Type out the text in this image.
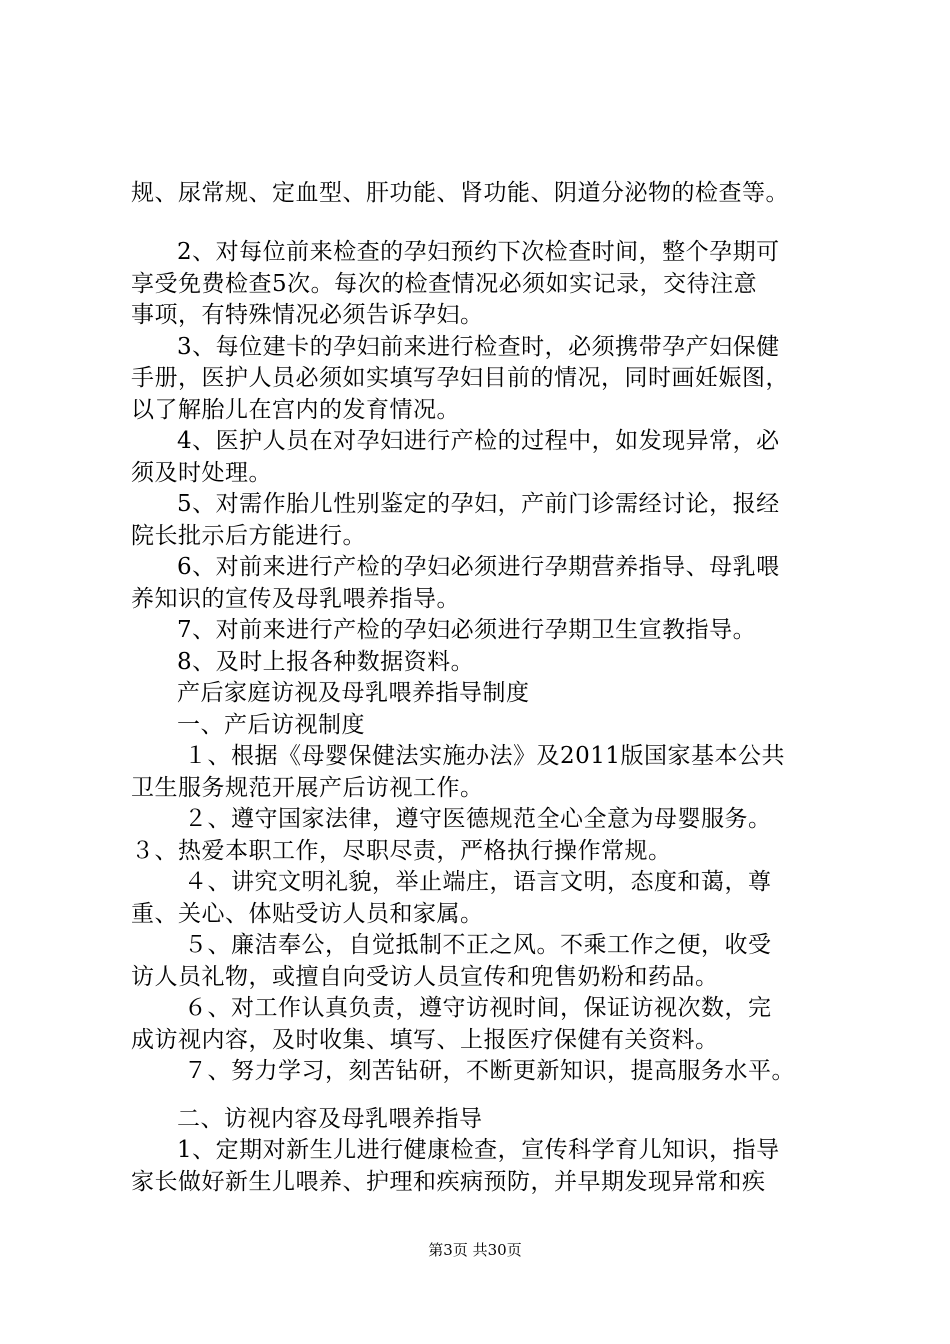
规、尿常规、定血型、肝功能、肾功能、阴道分泌物的检查等。
2、对每位前来检查的孕妇预约下次检查时间，整个孕期可
享受免费检查5次。每次的检查情况必须如实记录，交待注意
事项，有特殊情况必须告诉孕妇。
3、每位建卡的孕妇前来进行检查时，必须携带孕产妇保健
手册，医护人员必须如实填写孕妇目前的情况，同时画妊娠图，
以了解胎儿在宫内的发育情况。
4、医护人员在对孕妇进行产检的过程中，如发现异常，必
须及时处理。
5、对需作胎儿性别鉴定的孕妇，产前门诊需经讨论，报经
院长批示后方能进行。
6、对前来进行产检的孕妇必须进行孕期营养指导、母乳喂
养知识的宣传及母乳喂养指导。
7、对前来进行产检的孕妇必须进行孕期卫生宣教指导。
8、及时上报各种数据资料。
产后家庭访视及母乳喂养指导制度
一、产后访视制度
１、根据《母婴保健法实施办法》及2011版国家基本公共
卫生服务规范开展产后访视工作。
２、遵守国家法律，遵守医德规范全心全意为母婴服务。
３、热爱本职工作，尽职尽责，严格执行操作常规。
４、讲究文明礼貌，举止端庄，语言文明，态度和蔼，尊
重、关心、体贴受访人员和家属。
５、廉洁奉公，自觉抵制不正之风。不乘工作之便，收受
访人员礼物，或擅自向受访人员宣传和兜售奶粉和药品。
６、对工作认真负责，遵守访视时间，保证访视次数，完
成访视内容，及时收集、填写、上报医疗保健有关资料。
７、努力学习，刻苦钻研，不断更新知识，提高服务水平。
二、访视内容及母乳喂养指导
1、定期对新生儿进行健康检查，宣传科学育儿知识，指导
家长做好新生儿喂养、护理和疾病预防，并早期发现异常和疾
第3页 共30页
